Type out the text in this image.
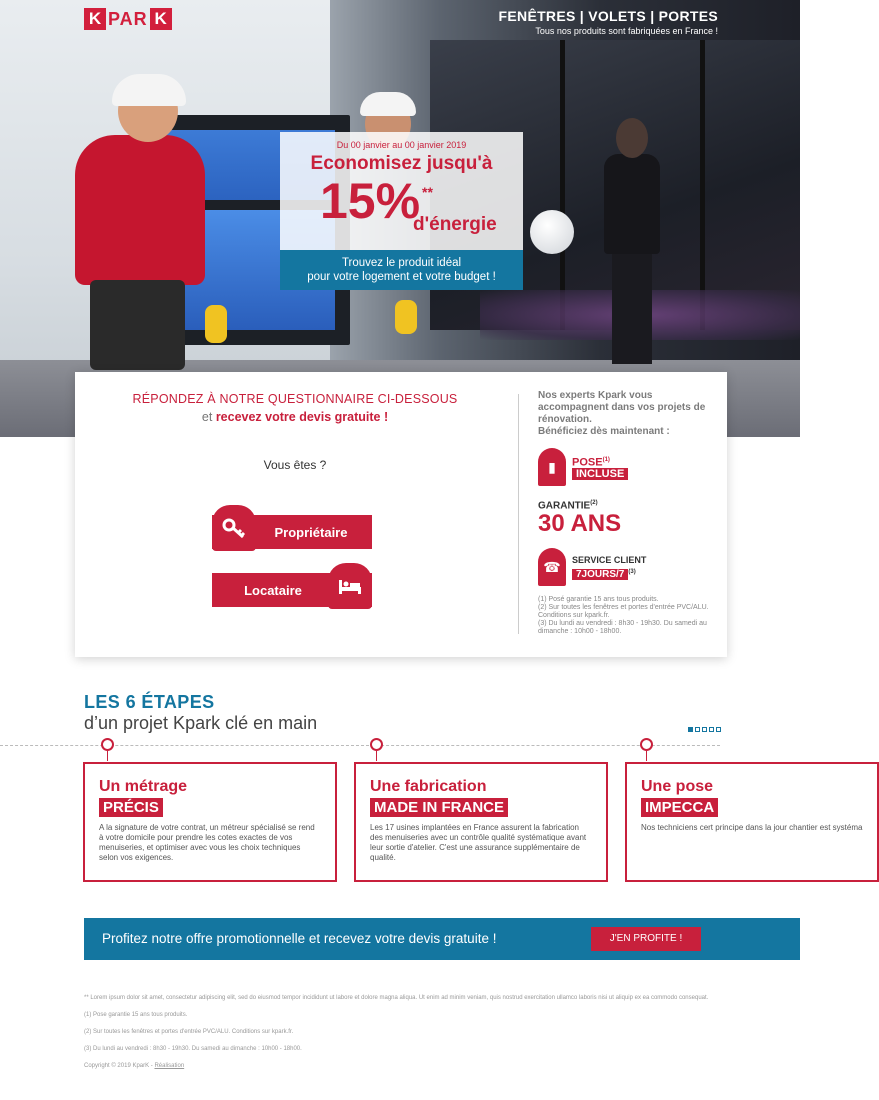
K PAR K	FENÊTRES | VOLETS | PORTES
Tous nos produits sont fabriquées en France !
Du 00 janvier au 00 janvier 2019
Economisez jusqu'à
15% **
d'énergie
Trouvez le produit idéal
pour votre logement et votre budget !
RÉPONDEZ À NOTRE QUESTIONNAIRE CI-DESSOUS
et recevez votre devis gratuite !
Vous êtes ?
Propriétaire
Locataire
Nos experts Kpark vous accompagnent dans vos projets de rénovation.
Bénéficiez dès maintenant :
▮	POSE$^{(1)}$
INCLUSE
GARANTIE$^{(2)}$
30 ANS
☎	SERVICE CLIENT
7JOURS/7 $^{(3)}$
(1) Posé garantie 15 ans tous produits.
(2) Sur toutes les fenêtres et portes d'entrée PVC/ALU. Conditions sur kpark.fr.
(3) Du lundi au vendredi : 8h30 - 19h30. Du samedi au dimanche : 10h00 - 18h00.
LES 6 ÉTAPES
d’un projet Kpark clé en main
Un métrage
PRÉCIS
A la signature de votre contrat, un métreur spécialisé se rend à votre domicile pour prendre les cotes exactes de vos menuiseries, et optimiser avec vous les choix techniques selon vos exigences.
Une fabrication
MADE IN FRANCE
Les 17 usines implantées en France assurent la fabrication des menuiseries avec un contrôle qualité systématique avant leur sortie d'atelier. C'est une assurance supplémentaire de qualité.
Une pose
IMPECCA
Nos techniciens cert principe dans la jour chantier est systéma
Profitez notre offre promotionnelle et recevez votre devis gratuite !	J'EN PROFITE !

** Lorem ipsum dolor sit amet, consectetur adipiscing elit, sed do eiusmod tempor incididunt ut labore et dolore magna aliqua. Ut enim ad minim veniam, quis nostrud exercitation ullamco laboris nisi ut aliquip ex ea commodo consequat.

(1) Pose garantie 15 ans tous produits.

(2) Sur toutes les fenêtres et portes d'entrée PVC/ALU. Conditions sur kpark.fr.

(3) Du lundi au vendredi : 8h30 - 19h30. Du samedi au dimanche : 10h00 - 18h00.

Copyright © 2019 KparK - Réalisation
